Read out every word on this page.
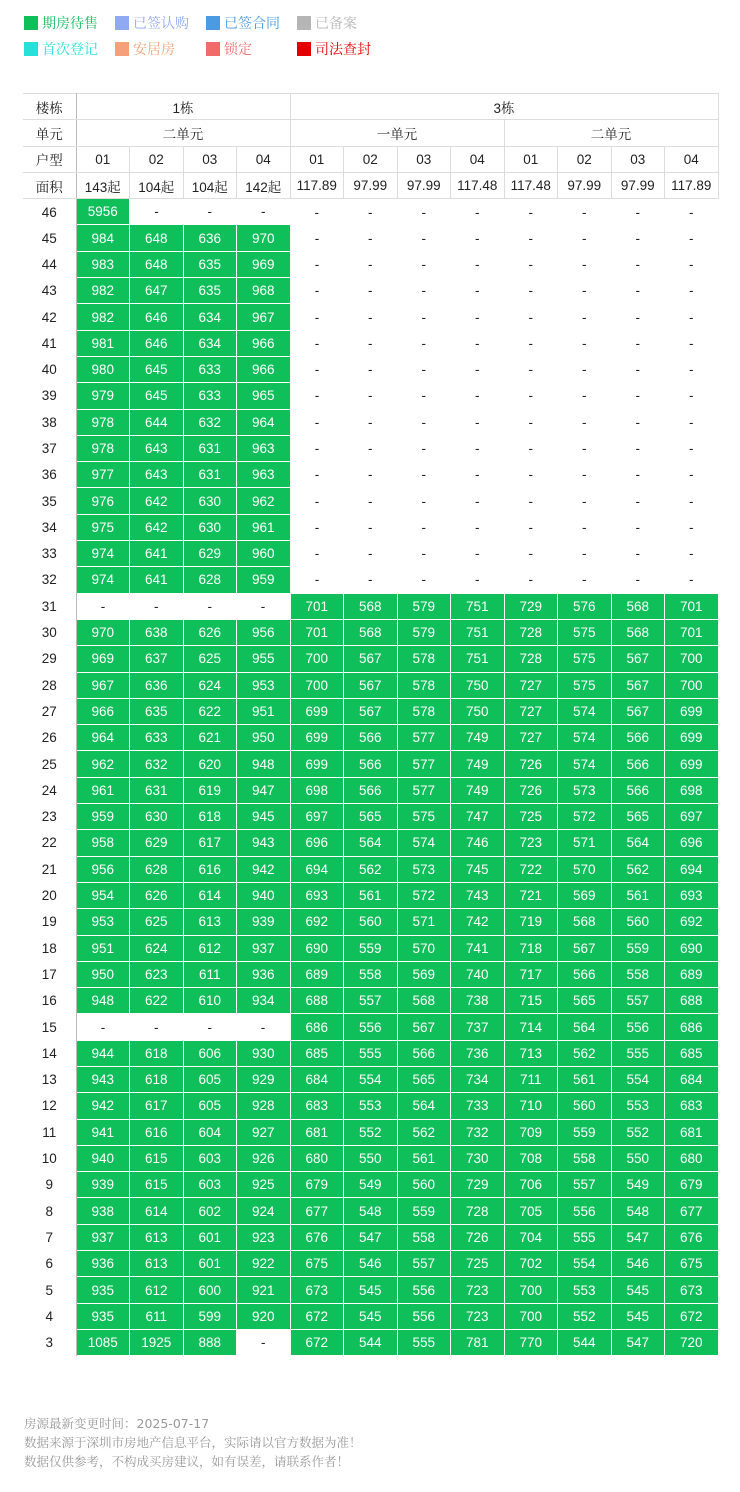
期房待售	已签认购	已签合同	已备案
首次登记	安居房	锁定	司法查封
楼栋	1栋				3栋							
单元	二单元				一单元				二单元			
户型	01	02	03	04	01	02	03	04	01	02	03	04
面积	143起	104起	104起	142起	117.89	97.99	97.99	117.48	117.48	97.99	97.99	117.89
46	5956	-	-	-	-	-	-	-	-	-	-	-
45	984	648	636	970	-	-	-	-	-	-	-	-
44	983	648	635	969	-	-	-	-	-	-	-	-
43	982	647	635	968	-	-	-	-	-	-	-	-
42	982	646	634	967	-	-	-	-	-	-	-	-
41	981	646	634	966	-	-	-	-	-	-	-	-
40	980	645	633	966	-	-	-	-	-	-	-	-
39	979	645	633	965	-	-	-	-	-	-	-	-
38	978	644	632	964	-	-	-	-	-	-	-	-
37	978	643	631	963	-	-	-	-	-	-	-	-
36	977	643	631	963	-	-	-	-	-	-	-	-
35	976	642	630	962	-	-	-	-	-	-	-	-
34	975	642	630	961	-	-	-	-	-	-	-	-
33	974	641	629	960	-	-	-	-	-	-	-	-
32	974	641	628	959	-	-	-	-	-	-	-	-
31	-	-	-	-	701	568	579	751	729	576	568	701
30	970	638	626	956	701	568	579	751	728	575	568	701
29	969	637	625	955	700	567	578	751	728	575	567	700
28	967	636	624	953	700	567	578	750	727	575	567	700
27	966	635	622	951	699	567	578	750	727	574	567	699
26	964	633	621	950	699	566	577	749	727	574	566	699
25	962	632	620	948	699	566	577	749	726	574	566	699
24	961	631	619	947	698	566	577	749	726	573	566	698
23	959	630	618	945	697	565	575	747	725	572	565	697
22	958	629	617	943	696	564	574	746	723	571	564	696
21	956	628	616	942	694	562	573	745	722	570	562	694
20	954	626	614	940	693	561	572	743	721	569	561	693
19	953	625	613	939	692	560	571	742	719	568	560	692
18	951	624	612	937	690	559	570	741	718	567	559	690
17	950	623	611	936	689	558	569	740	717	566	558	689
16	948	622	610	934	688	557	568	738	715	565	557	688
15	-	-	-	-	686	556	567	737	714	564	556	686
14	944	618	606	930	685	555	566	736	713	562	555	685
13	943	618	605	929	684	554	565	734	711	561	554	684
12	942	617	605	928	683	553	564	733	710	560	553	683
11	941	616	604	927	681	552	562	732	709	559	552	681
10	940	615	603	926	680	550	561	730	708	558	550	680
9	939	615	603	925	679	549	560	729	706	557	549	679
8	938	614	602	924	677	548	559	728	705	556	548	677
7	937	613	601	923	676	547	558	726	704	555	547	676
6	936	613	601	922	675	546	557	725	702	554	546	675
5	935	612	600	921	673	545	556	723	700	553	545	673
4	935	611	599	920	672	545	556	723	700	552	545	672
3	1085	1925	888	-	672	544	555	781	770	544	547	720
房源最新变更时间：2025-07-17
数据来源于深圳市房地产信息平台，实际请以官方数据为准！
数据仅供参考，不构成买房建议，如有误差，请联系作者！
